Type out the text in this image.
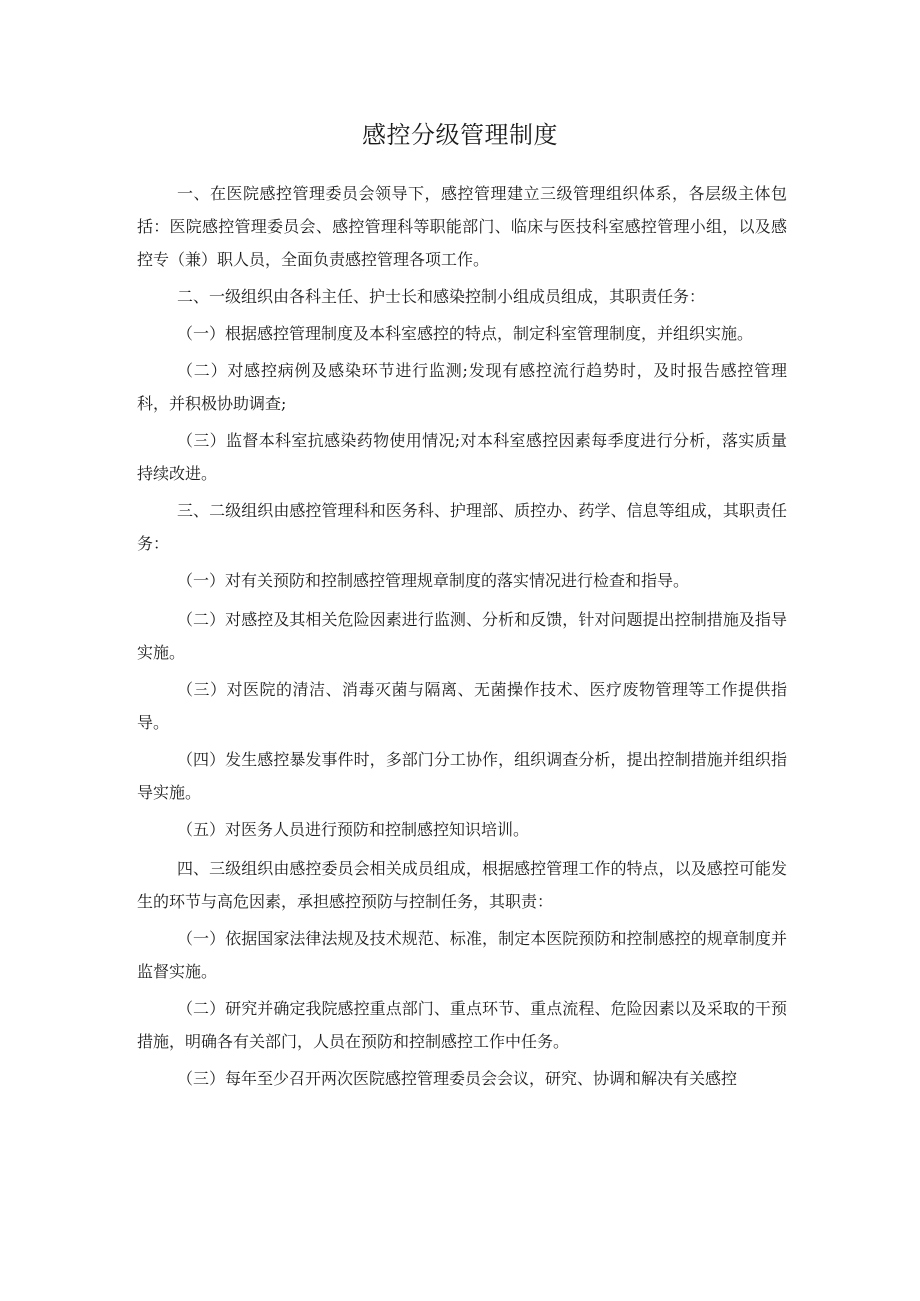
感控分级管理制度

一、在医院感控管理委员会领导下，感控管理建立三级管理组织体系，各层级主体包括：医院感控管理委员会、感控管理科等职能部门、临床与医技科室感控管理小组，以及感控专（兼）职人员，全面负责感控管理各项工作。

二、一级组织由各科主任、护士长和感染控制小组成员组成，其职责任务：

（一）根据感控管理制度及本科室感控的特点，制定科室管理制度，并组织实施。

（二）对感控病例及感染环节进行监测;发现有感控流行趋势时，及时报告感控管理科，并积极协助调查;

（三）监督本科室抗感染药物使用情况;对本科室感控因素每季度进行分析，落实质量持续改进。

三、二级组织由感控管理科和医务科、护理部、质控办、药学、信息等组成，其职责任务：

（一）对有关预防和控制感控管理规章制度的落实情况进行检查和指导。

（二）对感控及其相关危险因素进行监测、分析和反馈，针对问题提出控制措施及指导实施。

（三）对医院的清洁、消毒灭菌与隔离、无菌操作技术、医疗废物管理等工作提供指导。

（四）发生感控暴发事件时，多部门分工协作，组织调查分析，提出控制措施并组织指导实施。

（五）对医务人员进行预防和控制感控知识培训。

四、三级组织由感控委员会相关成员组成，根据感控管理工作的特点，以及感控可能发生的环节与高危因素，承担感控预防与控制任务，其职责：

（一）依据国家法律法规及技术规范、标准，制定本医院预防和控制感控的规章制度并监督实施。

（二）研究并确定我院感控重点部门、重点环节、重点流程、危险因素以及采取的干预措施，明确各有关部门，人员在预防和控制感控工作中任务。

（三）每年至少召开两次医院感控管理委员会会议，研究、协调和解决有关感控
